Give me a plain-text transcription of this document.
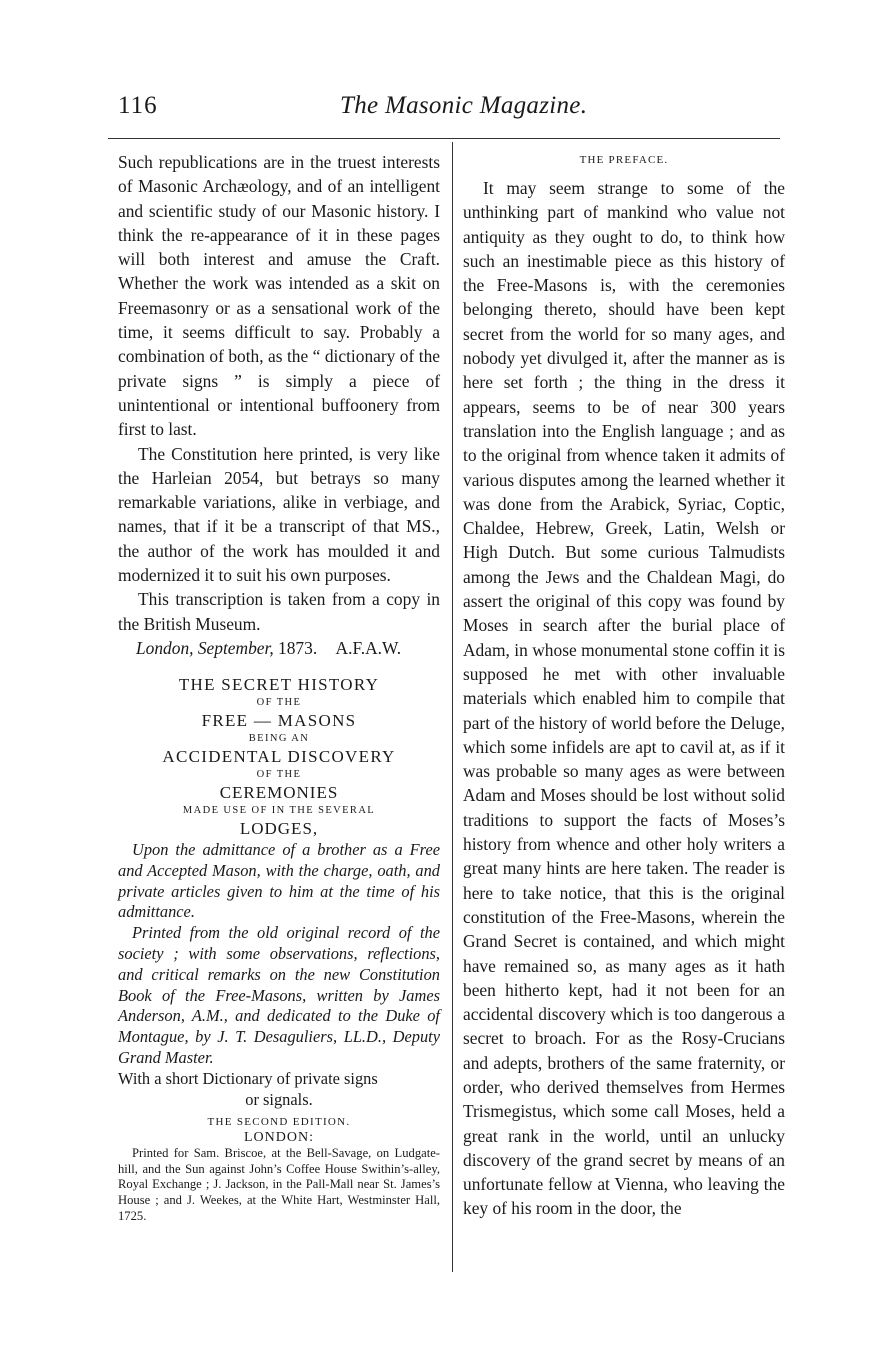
116	The Masonic Magazine.

Such republications are in the truest interests of Masonic Archæology, and of an intelligent and scientific study of our Masonic history. I think the re-appearance of it in these pages will both interest and amuse the Craft. Whether the work was intended as a skit on Freemasonry or as a sensational work of the time, it seems difficult to say. Probably a combination of both, as the “ dictionary of the private signs ” is simply a piece of unintentional or intentional buffoonery from first to last.

The Constitution here printed, is very like the Harleian 2054, but betrays so many remarkable variations, alike in verbiage, and names, that if it be a transcript of that MS., the author of the work has moulded it and modernized it to suit his own purposes.

This transcription is taken from a copy in the British Museum.

London, September, 1873. A.F.A.W.

THE SECRET HISTORY

OF THE

FREE — MASONS

BEING AN

ACCIDENTAL DISCOVERY

OF THE

CEREMONIES

MADE USE OF IN THE SEVERAL

LODGES,

Upon the admittance of a brother as a Free and Accepted Mason, with the charge, oath, and private articles given to him at the time of his admittance.

Printed from the old original record of the society ; with some observations, reflections, and critical remarks on the new Constitution Book of the Free-Masons, written by James Anderson, A.M., and dedicated to the Duke of Montague, by J. T. Desaguliers, LL.D., Deputy Grand Master.

With a short Dictionary of private signs

or signals.

THE SECOND EDITION.

LONDON:

Printed for Sam. Briscoe, at the Bell-Savage, on Ludgate-hill, and the Sun against John’s Coffee House Swithin’s-alley, Royal Exchange ; J. Jackson, in the Pall-Mall near St. James’s House ; and J. Weekes, at the White Hart, Westminster Hall, 1725.

THE PREFACE.

It may seem strange to some of the unthinking part of mankind who value not antiquity as they ought to do, to think how such an inestimable piece as this history of the Free-Masons is, with the ceremonies belonging thereto, should have been kept secret from the world for so many ages, and nobody yet divulged it, after the manner as is here set forth ; the thing in the dress it appears, seems to be of near 300 years translation into the English language ; and as to the original from whence taken it admits of various disputes among the learned whether it was done from the Arabick, Syriac, Coptic, Chaldee, Hebrew, Greek, Latin, Welsh or High Dutch. But some curious Talmudists among the Jews and the Chaldean Magi, do assert the original of this copy was found by Moses in search after the burial place of Adam, in whose monumental stone coffin it is supposed he met with other invaluable materials which enabled him to compile that part of the history of world before the Deluge, which some infidels are apt to cavil at, as if it was probable so many ages as were between Adam and Moses should be lost without solid traditions to support the facts of Moses’s history from whence and other holy writers a great many hints are here taken. The reader is here to take notice, that this is the original constitution of the Free-Masons, wherein the Grand Secret is contained, and which might have remained so, as many ages as it hath been hitherto kept, had it not been for an accidental discovery which is too dangerous a secret to broach. For as the Rosy-Crucians and adepts, brothers of the same fraternity, or order, who derived themselves from Hermes Trismegistus, which some call Moses, held a great rank in the world, until an unlucky discovery of the grand secret by means of an unfortunate fellow at Vienna, who leaving the key of his room in the door, the
